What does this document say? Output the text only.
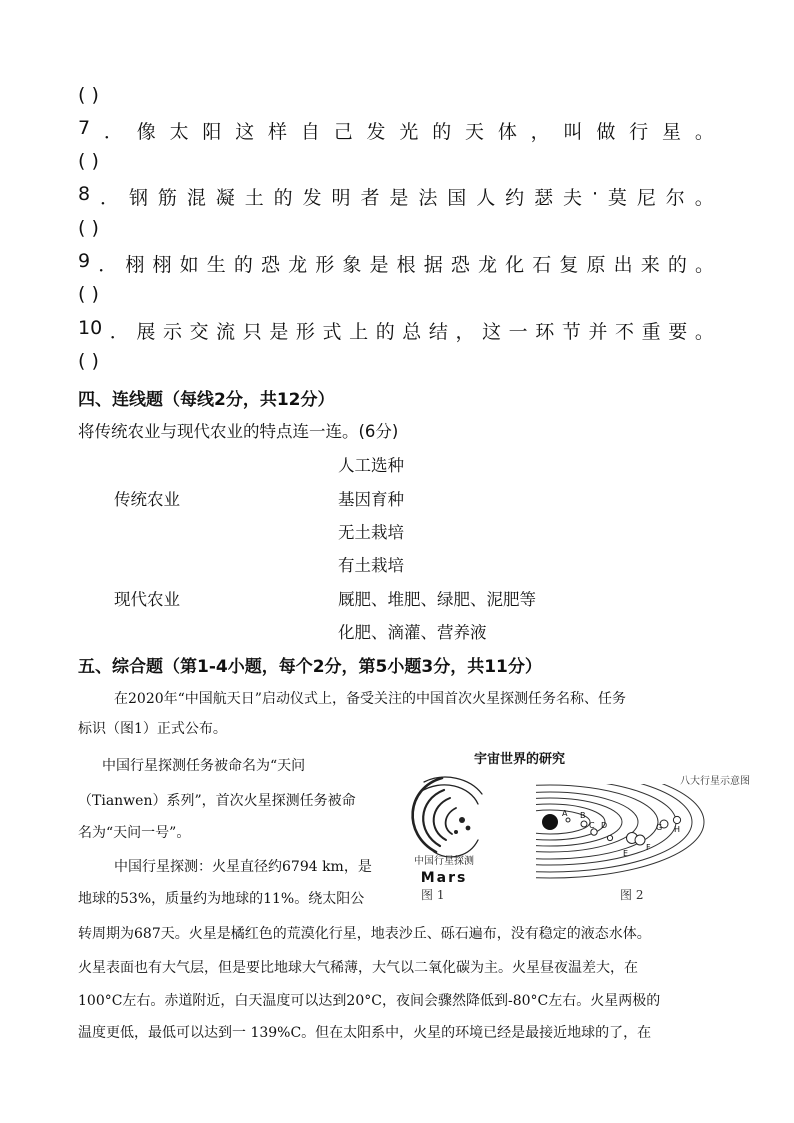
( )
7 ． 像 太 阳 这 样 自 己 发 光 的 天 体 ， 叫 做 行 星 。
( )
8 ． 钢 筋 混 凝 土 的 发 明 者 是 法 国 人 约 瑟 夫 · 莫 尼 尔 。
( )
9 ． 栩 栩 如 生 的 恐 龙 形 象 是 根 据 恐 龙 化 石 复 原 出 来 的 。
( )
10 ． 展 示 交 流 只 是 形 式 上 的 总 结 ， 这 一 环 节 并 不 重 要 。
( )
四、连线题（每线2分，共12分）
将传统农业与现代农业的特点连一连。(6分)
传统农业
现代农业
人工选种
基因育种
无土栽培
有土栽培
厩肥、堆肥、绿肥、泥肥等
化肥、滴灌、营养液
五、综合题（第1-4小题，每个2分，第5小题3分，共11分）
在2020年“中国航天日”启动仪式上，备受关注的中国首次火星探测任务名称、任务
标识（图1）正式公布。
中国行星探测任务被命名为“天问
（Tianwen）系列”，首次火星探测任务被命
名为“天问一号”。
中国行星探测：火星直径约6794 km，是
地球的53%，质量约为地球的11%。绕太阳公
转周期为687天。火星是橘红色的荒漠化行星，地表沙丘、砾石遍布，没有稳定的液态水体。
火星表面也有大气层，但是要比地球大气稀薄，大气以二氧化碳为主。火星昼夜温差大，在
100°C左右。赤道附近，白天温度可以达到20°C，夜间会骤然降低到-80°C左右。火星两极的
温度更低，最低可以达到一 139%C。但在太阳系中，火星的环境已经是最接近地球的了，在
宇宙世界的研究
中国行星探测
Mars
图 1
八大行星示意图
A B
C D
E
F
G H
图 2
